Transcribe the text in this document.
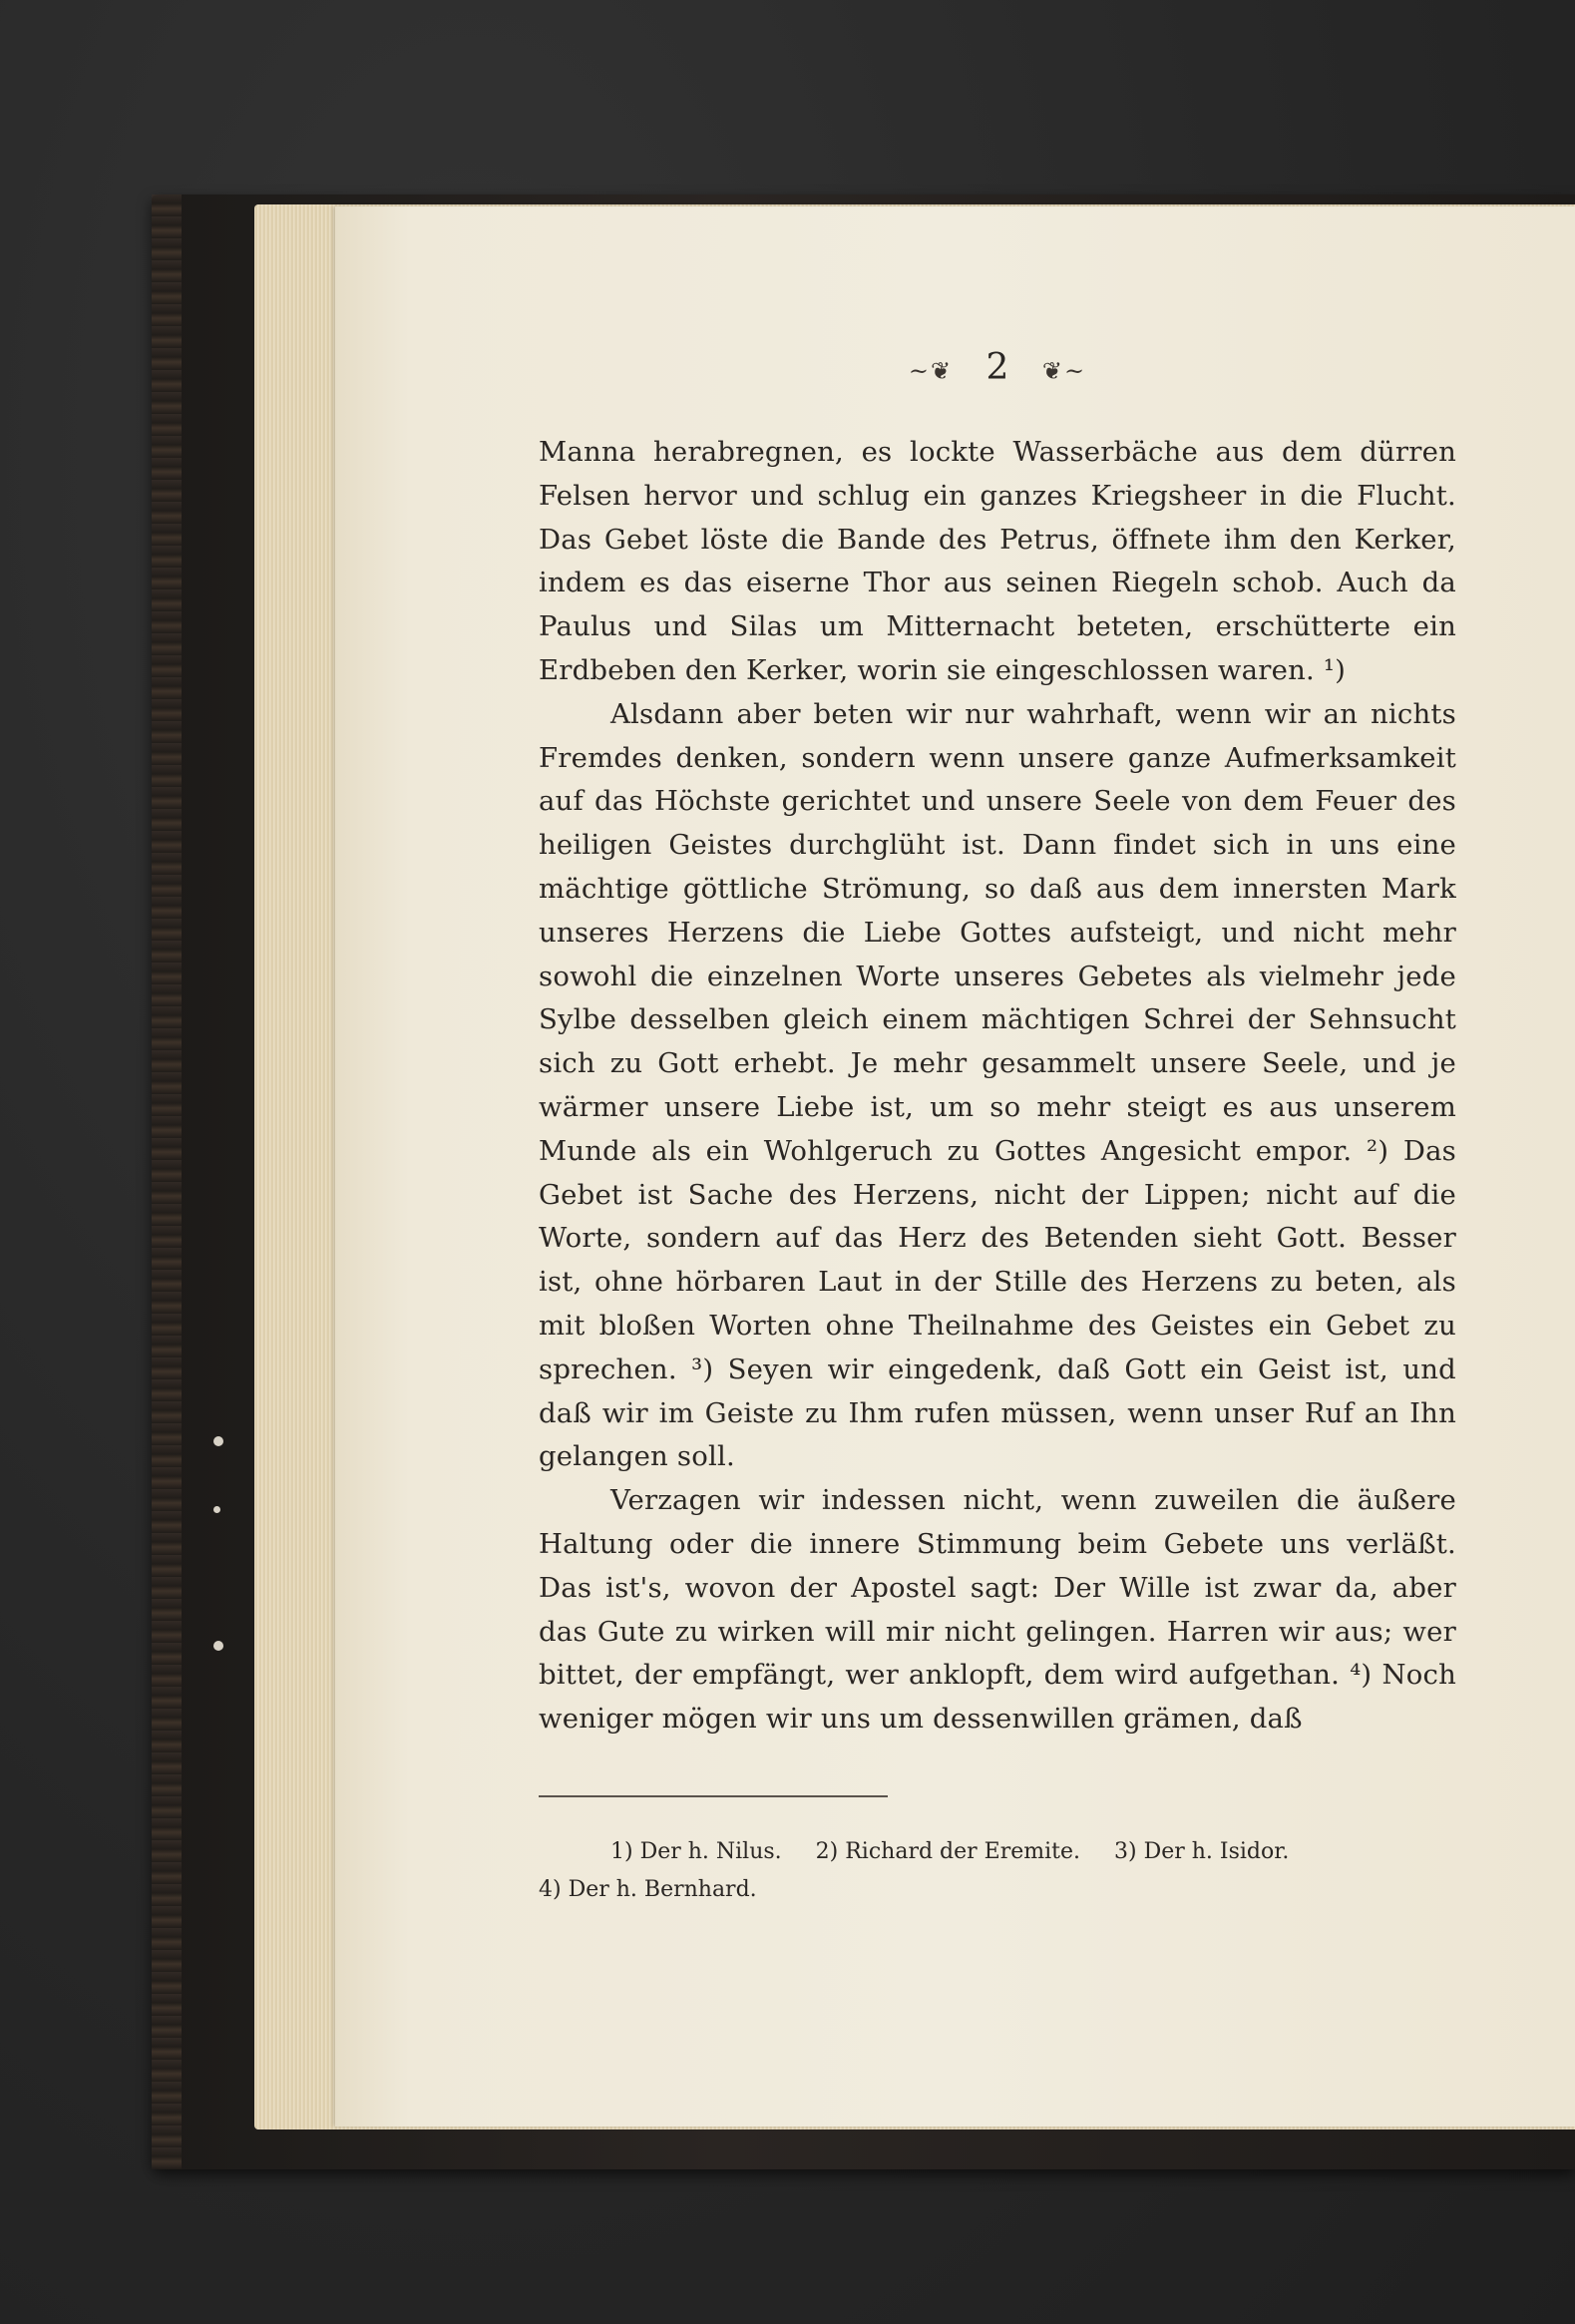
~❦ 2 ❦~

Manna herabregnen, es lockte Wasserbäche aus dem dürren Felsen hervor und schlug ein ganzes Kriegsheer in die Flucht. Das Gebet löste die Bande des Petrus, öffnete ihm den Kerker, indem es das eiserne Thor aus seinen Riegeln schob. Auch da Paulus und Silas um Mitternacht beteten, erschütterte ein Erdbeben den Kerker, worin sie eingeschlossen waren. ¹)

Alsdann aber beten wir nur wahrhaft, wenn wir an nichts Fremdes denken, sondern wenn unsere ganze Aufmerksamkeit auf das Höchste gerichtet und unsere Seele von dem Feuer des heiligen Geistes durchglüht ist. Dann findet sich in uns eine mächtige göttliche Strömung, so daß aus dem innersten Mark unseres Herzens die Liebe Gottes aufsteigt, und nicht mehr sowohl die einzelnen Worte unseres Gebetes als vielmehr jede Sylbe desselben gleich einem mächtigen Schrei der Sehnsucht sich zu Gott erhebt. Je mehr gesammelt unsere Seele, und je wärmer unsere Liebe ist, um so mehr steigt es aus unserem Munde als ein Wohlgeruch zu Gottes Angesicht empor. ²) Das Gebet ist Sache des Herzens, nicht der Lippen; nicht auf die Worte, sondern auf das Herz des Betenden sieht Gott. Besser ist, ohne hörbaren Laut in der Stille des Herzens zu beten, als mit bloßen Worten ohne Theilnahme des Geistes ein Gebet zu sprechen. ³) Seyen wir eingedenk, daß Gott ein Geist ist, und daß wir im Geiste zu Ihm rufen müssen, wenn unser Ruf an Ihn gelangen soll.

Verzagen wir indessen nicht, wenn zuweilen die äußere Haltung oder die innere Stimmung beim Gebete uns verläßt. Das ist's, wovon der Apostel sagt: Der Wille ist zwar da, aber das Gute zu wirken will mir nicht gelingen. Harren wir aus; wer bittet, der empfängt, wer anklopft, dem wird aufgethan. ⁴) Noch weniger mögen wir uns um dessenwillen grämen, daß

1) Der h. Nilus. 2) Richard der Eremite. 3) Der h. Isidor.

4) Der h. Bernhard.
